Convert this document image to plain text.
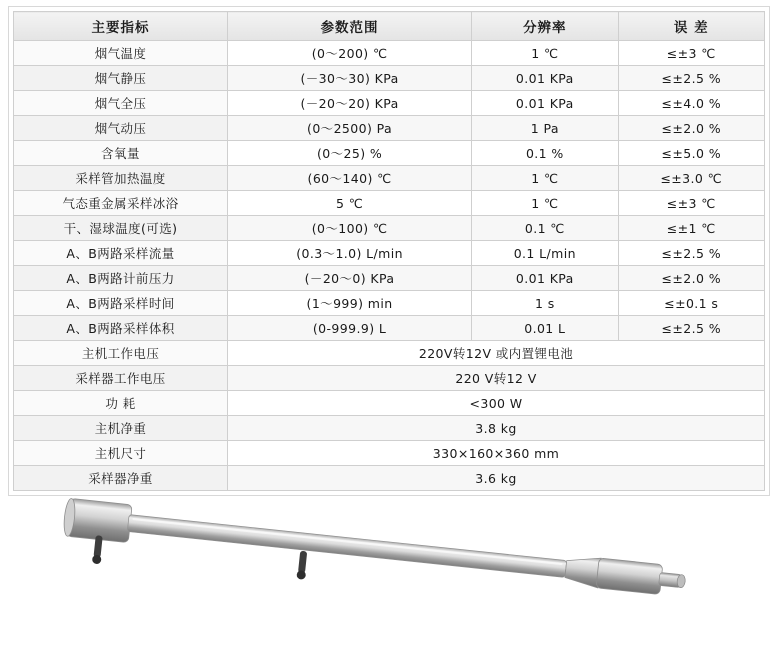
主要指标	参数范围	分辨率	误 差
烟气温度	(0～200) ℃	1 ℃	≤±3 ℃
烟气静压	(－30～30) KPa	0.01 KPa	≤±2.5 %
烟气全压	(－20～20) KPa	0.01 KPa	≤±4.0 %
烟气动压	(0～2500) Pa	1 Pa	≤±2.0 %
含氧量	(0～25) %	0.1 %	≤±5.0 %
采样管加热温度	(60～140) ℃	1 ℃	≤±3.0 ℃
气态重金属采样冰浴	5 ℃	1 ℃	≤±3 ℃
干、湿球温度(可选)	(0～100) ℃	0.1 ℃	≤±1 ℃
A、B两路采样流量	(0.3～1.0) L/min	0.1 L/min	≤±2.5 %
A、B两路计前压力	(－20～0) KPa	0.01 KPa	≤±2.0 %
A、B两路采样时间	(1～999) min	1 s	≤±0.1 s
A、B两路采样体积	(0-999.9) L	0.01 L	≤±2.5 %
主机工作电压	220V转12V 或内置锂电池		
采样器工作电压	220 V转12 V		
功 耗	<300 W		
主机净重	3.8 kg		
主机尺寸	330×160×360 mm		
采样器净重	3.6 kg		
